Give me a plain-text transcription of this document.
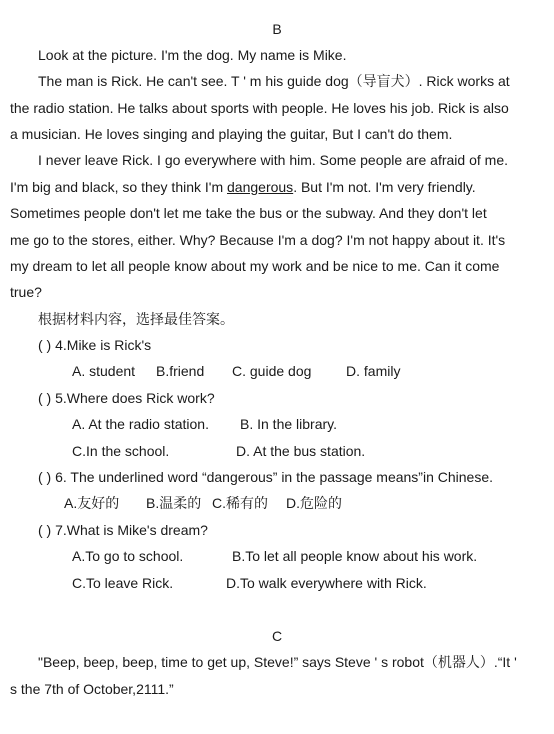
B
Look at the picture. I'm the dog. My name is Mike.
The man is Rick. He can't see. T ' m his guide dog（导盲犬）. Rick works at
the radio station. He talks about sports with people. He loves his job. Rick is also
a musician. He loves singing and playing the guitar, But I can't do them.
I never leave Rick. I go everywhere with him. Some people are afraid of me.
I'm big and black, so they think I'm dangerous. But I'm not. I'm very friendly.
Sometimes people don't let me take the bus or the subway. And they don't let
me go to the stores, either. Why? Because I'm a dog? I'm not happy about it. It's
my dream to let all people know about my work and be nice to me. Can it come
true?
根据材料内容，选择最佳答案。
( ) 4.Mike is Rick's
A. student B.friend C. guide dog D. family
( ) 5.Where does Rick work?
A. At the radio station. B. In the library.
C.In the school.	D. At the bus station.
( ) 6. The underlined word “dangerous” in the passage means”in Chinese.
A.友好的 B.温柔的 C.稀有的 D.危险的
( ) 7.What is Mike's dream?
A.To go to school.	B.To let all people know about his work.
C.To leave Rick.	D.To walk everywhere with Rick.
C
"Beep, beep, beep, time to get up, Steve!” says Steve ' s robot（机器人）.“It '
s the 7th of October,2111.”
